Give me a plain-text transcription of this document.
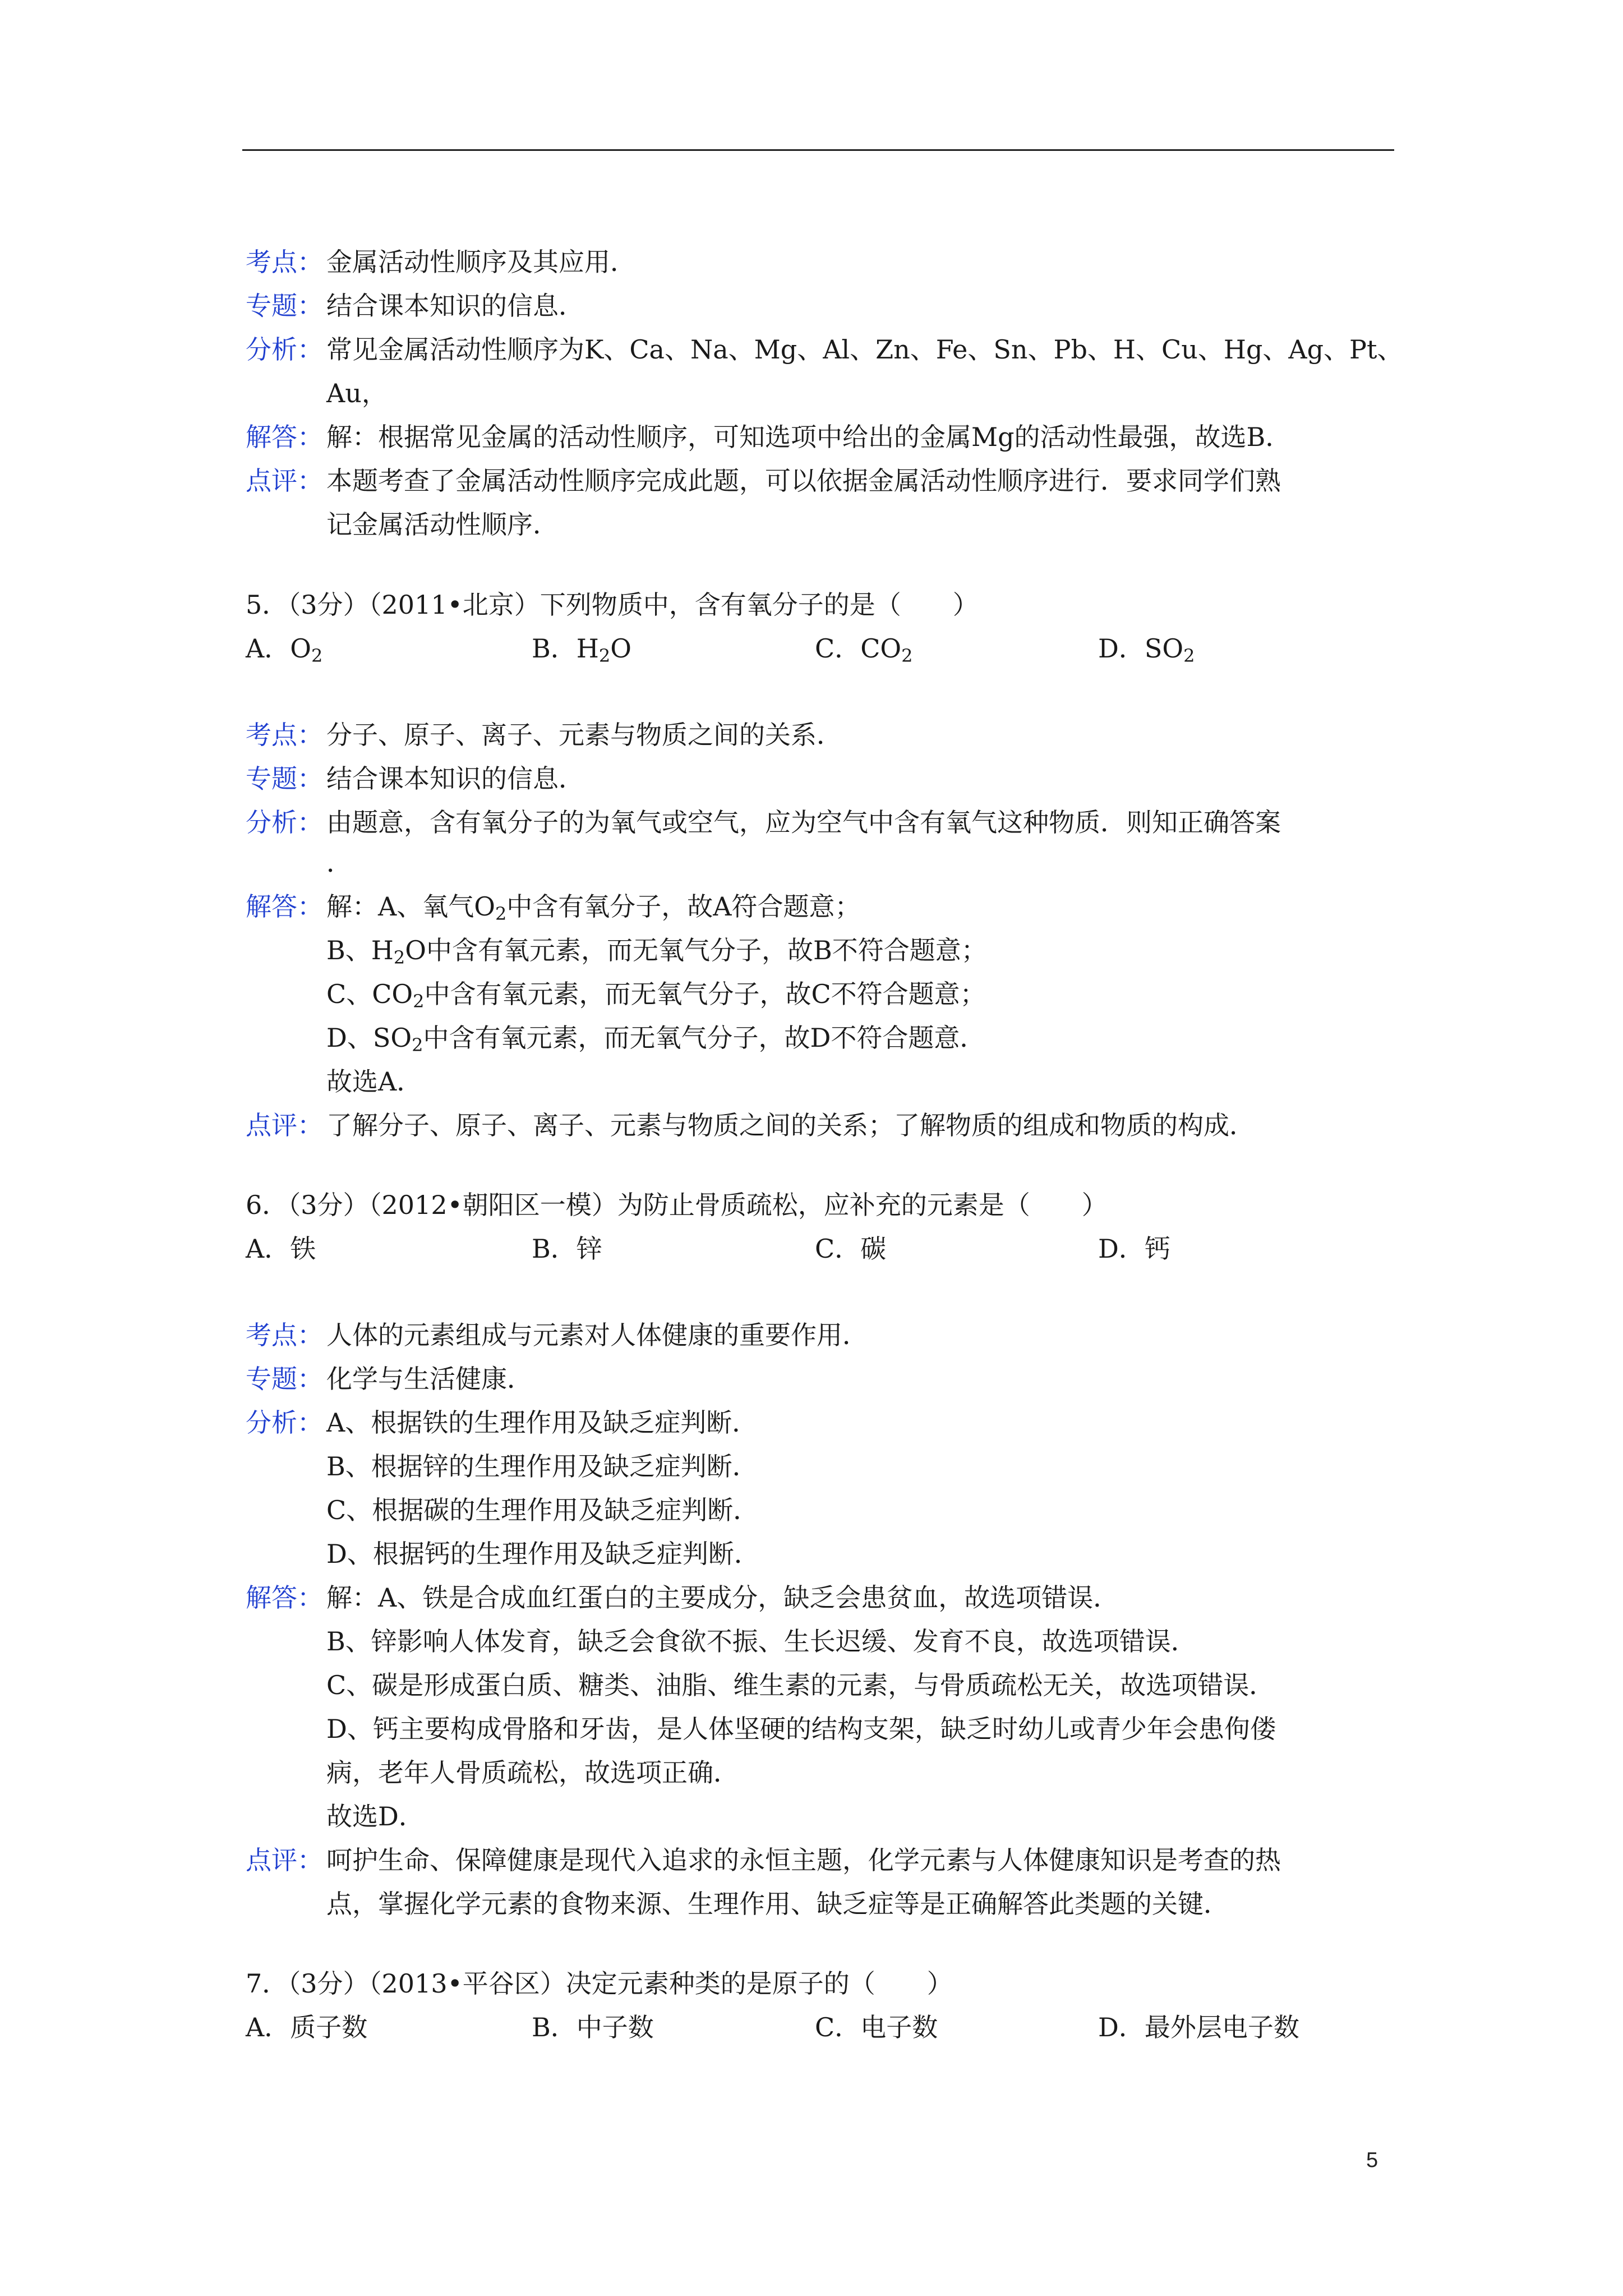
考点： 金属活动性顺序及其应用．
专题： 结合课本知识的信息．
分析： 常见金属活动性顺序为K、Ca、Na、Mg、Al、Zn、Fe、Sn、Pb、H、Cu、Hg、Ag、Pt、
Au，
解答： 解：根据常见金属的活动性顺序，可知选项中给出的金属Mg的活动性最强，故选B．
点评： 本题考查了金属活动性顺序完成此题，可以依据金属活动性顺序进行．要求同学们熟
记金属活动性顺序．
5．（3分）（2011•北京）下列物质中，含有氧分子的是（　　）
A．$O_2$	B．$H_2O$	C．$CO_2$	D．$SO_2$
考点： 分子、原子、离子、元素与物质之间的关系．
专题： 结合课本知识的信息．
分析： 由题意，含有氧分子的为氧气或空气，应为空气中含有氧气这种物质．则知正确答案
．
解答： 解：A、氧气$O_2$中含有氧分子，故A符合题意；
B、$H_2O$中含有氧元素，而无氧气分子，故B不符合题意；
C、$CO_2$中含有氧元素，而无氧气分子，故C不符合题意；
D、$SO_2$中含有氧元素，而无氧气分子，故D不符合题意．
故选A．
点评： 了解分子、原子、离子、元素与物质之间的关系；了解物质的组成和物质的构成．
6．（3分）（2012•朝阳区一模）为防止骨质疏松，应补充的元素是（　　）
A．铁	B．锌	C．碳	D．钙
考点： 人体的元素组成与元素对人体健康的重要作用．
专题： 化学与生活健康．
分析： A、根据铁的生理作用及缺乏症判断．
B、根据锌的生理作用及缺乏症判断．
C、根据碳的生理作用及缺乏症判断．
D、根据钙的生理作用及缺乏症判断．
解答： 解：A、铁是合成血红蛋白的主要成分，缺乏会患贫血，故选项错误．
B、锌影响人体发育，缺乏会食欲不振、生长迟缓、发育不良，故选项错误．
C、碳是形成蛋白质、糖类、油脂、维生素的元素，与骨质疏松无关，故选项错误．
D、钙主要构成骨胳和牙齿，是人体坚硬的结构支架，缺乏时幼儿或青少年会患佝偻
病，老年人骨质疏松，故选项正确．
故选D．
点评： 呵护生命、保障健康是现代入追求的永恒主题，化学元素与人体健康知识是考查的热
点，掌握化学元素的食物来源、生理作用、缺乏症等是正确解答此类题的关键．
7．（3分）（2013•平谷区）决定元素种类的是原子的（　　）
A．质子数	B．中子数	C．电子数	D．最外层电子数
5
